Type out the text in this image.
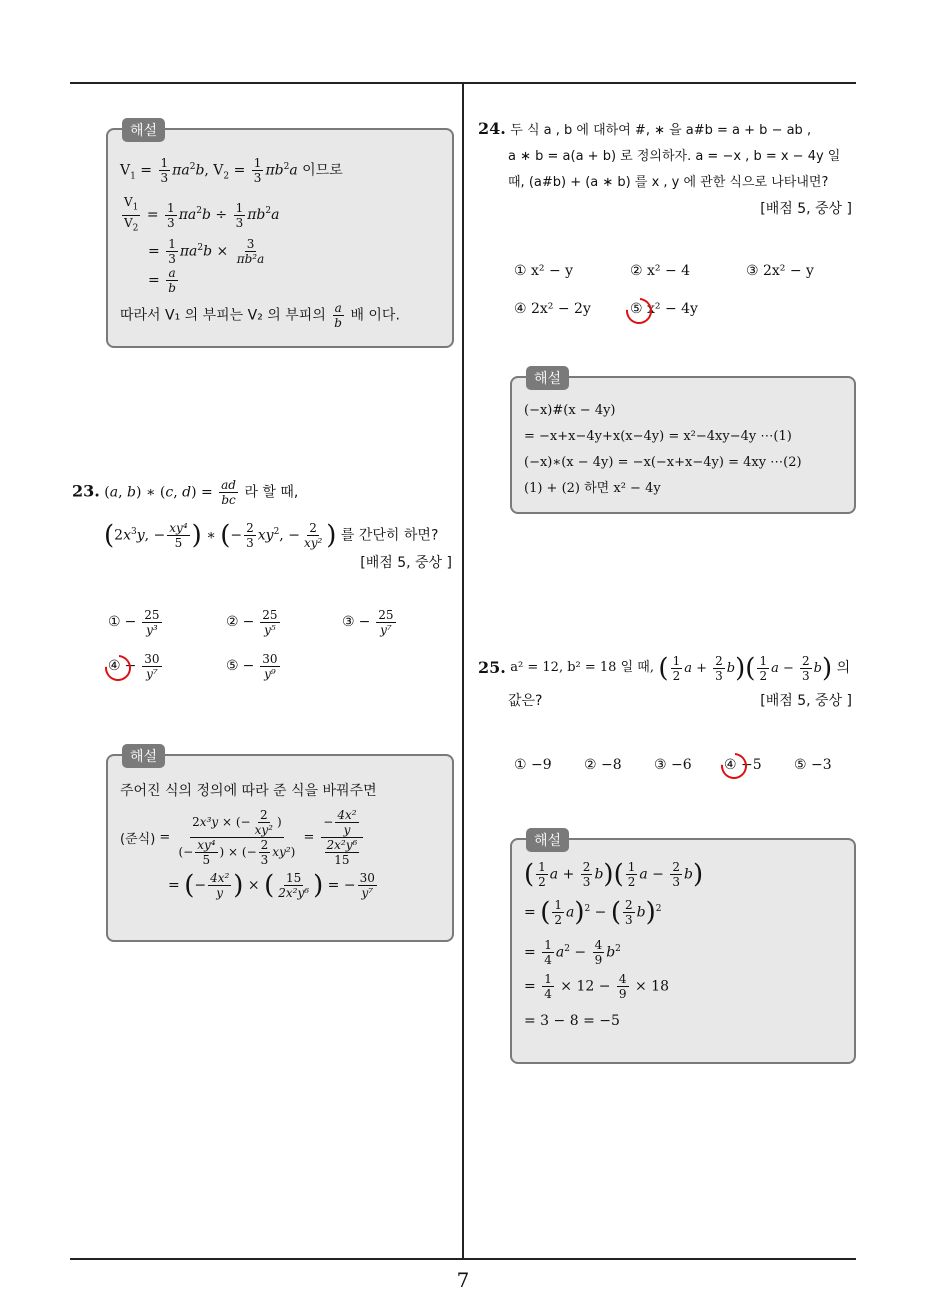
7
해설
$V_1 = \frac{1}{3} \pi a^2b$, $V_2 = \frac{1}{3} \pi b^2a$ 이므로
$\frac{V_1}{V_2} = \frac{1}{3} \pi a^2b \div \frac{1}{3} \pi b^2a$
= $\frac{1}{3} \pi a^2b \times \frac{3}{\text{πb²a}}$
= $\frac{a}{b}$
따라서 V₁ 의 부피는 V₂ 의 부피의 $\frac{a}{b}$ 배 이다.
23. (a, b) ∗ (c, $d) = \frac{ad}{bc}$ 라 할 때,
($2x^3y$, − $\frac{\text{xy⁴}}{5}$ ) ∗ (− $\frac{2}{3} xy^2$, − $\frac{2}{\text{xy²}}$ ) 를 간단히 하면?
[배점 5, 중상 ]
① − $\frac{25}{\text{y³}}$	② − $\frac{25}{\text{y⁵}}$	③ − $\frac{25}{\text{y⁷}}$
④ − $\frac{30}{\text{y⁷}}$	⑤ − $\frac{30}{\text{y⁹}}$
해설
주어진 식의 정의에 따라 준 식을 바꿔주면
(준식) = $\frac{2x^3y \times (- \frac{2}{\text{xy²}} )}{(- \frac{\text{xy⁴}}{5} ) \times (- \frac{2}{3} xy^2)} = \frac{- \frac{\text{4x²}}{y}}{\frac{\text{2x²y⁶}}{15}}$
= (− $\frac{\text{4x²}}{y}$ ) × ( $\frac{15}{\text{2x²y⁶}}$ ) = − $\frac{30}{\text{y⁷}}$
24. 두 식 a , b 에 대하여 #, ∗ 을 a#b = a + b − ab ,
a ∗ b = a(a + b) 로 정의하자. a = −x , b = x − 4y 일
때, (a#b) + (a ∗ b) 를 x , y 에 관한 식으로 나타내면?
[배점 5, 중상 ]
① x² − y	② x² − 4	③ 2x² − y
④ 2x² − 2y	⑤ x² − 4y
해설
(−x)#(x − 4y)
= −x+x−4y+x(x−4y) = x²−4xy−4y ⋯(1)
(−x)∗(x − 4y) = −x(−x+x−4y) = 4xy ⋯(2)
(1) + (2) 하면 x² − 4y
25.
a² = 12, b² = 18 일 때,
( $\frac{1}{2}$ $a + \frac{2}{3} b)( \frac{1}{2}$ $a - \frac{2}{3} b$)
의
값은?	[배점 5, 중상 ]
① −9	② −8	③ −6	④ −5	⑤ −3
해설
( $\frac{1}{2}$ $a + \frac{2}{3} b)( \frac{1}{2}$ $a - \frac{2}{3} b$)
= ( $\frac{1}{2} a)^2$ − ( $\frac{2}{3} b)^2$
= $\frac{1}{4} a^2 - \frac{4}{9} b^2$
= $\frac{1}{4} \times 12 - \frac{4}{9} \times 18$
= 3 − 8 = −5
